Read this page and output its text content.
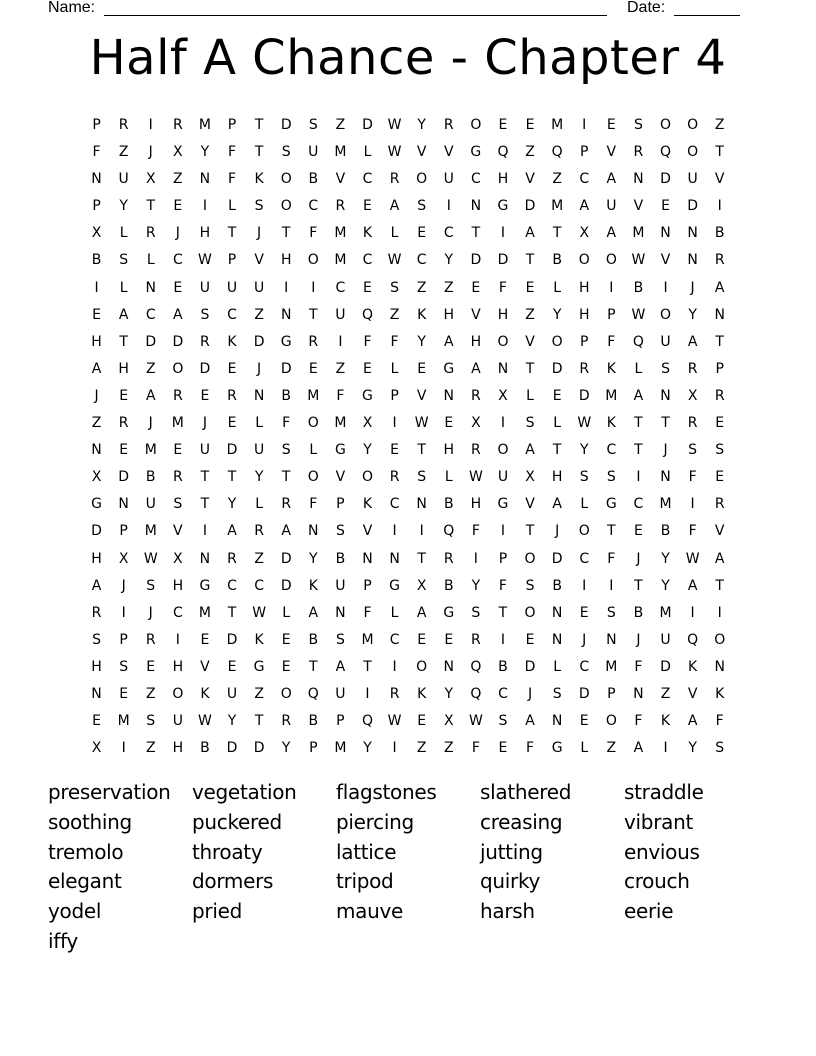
Name:	Date:
Half A Chance - Chapter 4
P	R	I	R	M	P	T	D	S	Z	D	W	Y	R	O	E	E	M	I	E	S	O	O	Z
F	Z	J	X	Y	F	T	S	U	M	L	W	V	V	G	Q	Z	Q	P	V	R	Q	O	T
N	U	X	Z	N	F	K	O	B	V	C	R	O	U	C	H	V	Z	C	A	N	D	U	V
P	Y	T	E	I	L	S	O	C	R	E	A	S	I	N	G	D	M	A	U	V	E	D	I
X	L	R	J	H	T	J	T	F	M	K	L	E	C	T	I	A	T	X	A	M	N	N	B
B	S	L	C	W	P	V	H	O	M	C	W	C	Y	D	D	T	B	O	O	W	V	N	R
I	L	N	E	U	U	U	I	I	C	E	S	Z	Z	E	F	E	L	H	I	B	I	J	A
E	A	C	A	S	C	Z	N	T	U	Q	Z	K	H	V	H	Z	Y	H	P	W	O	Y	N
H	T	D	D	R	K	D	G	R	I	F	F	Y	A	H	O	V	O	P	F	Q	U	A	T
A	H	Z	O	D	E	J	D	E	Z	E	L	E	G	A	N	T	D	R	K	L	S	R	P
J	E	A	R	E	R	N	B	M	F	G	P	V	N	R	X	L	E	D	M	A	N	X	R
Z	R	J	M	J	E	L	F	O	M	X	I	W	E	X	I	S	L	W	K	T	T	R	E
N	E	M	E	U	D	U	S	L	G	Y	E	T	H	R	O	A	T	Y	C	T	J	S	S
X	D	B	R	T	T	Y	T	O	V	O	R	S	L	W	U	X	H	S	S	I	N	F	E
G	N	U	S	T	Y	L	R	F	P	K	C	N	B	H	G	V	A	L	G	C	M	I	R
D	P	M	V	I	A	R	A	N	S	V	I	I	Q	F	I	T	J	O	T	E	B	F	V
H	X	W	X	N	R	Z	D	Y	B	N	N	T	R	I	P	O	D	C	F	J	Y	W	A
A	J	S	H	G	C	C	D	K	U	P	G	X	B	Y	F	S	B	I	I	T	Y	A	T
R	I	J	C	M	T	W	L	A	N	F	L	A	G	S	T	O	N	E	S	B	M	I	I
S	P	R	I	E	D	K	E	B	S	M	C	E	E	R	I	E	N	J	N	J	U	Q	O
H	S	E	H	V	E	G	E	T	A	T	I	O	N	Q	B	D	L	C	M	F	D	K	N
N	E	Z	O	K	U	Z	O	Q	U	I	R	K	Y	Q	C	J	S	D	P	N	Z	V	K
E	M	S	U	W	Y	T	R	B	P	Q	W	E	X	W	S	A	N	E	O	F	K	A	F
X	I	Z	H	B	D	D	Y	P	M	Y	I	Z	Z	F	E	F	G	L	Z	A	I	Y	S
preservation	vegetation	flagstones	slathered	straddle
soothing	puckered	piercing	creasing	vibrant
tremolo	throaty	lattice	jutting	envious
elegant	dormers	tripod	quirky	crouch
yodel	pried	mauve	harsh	eerie
iffy
